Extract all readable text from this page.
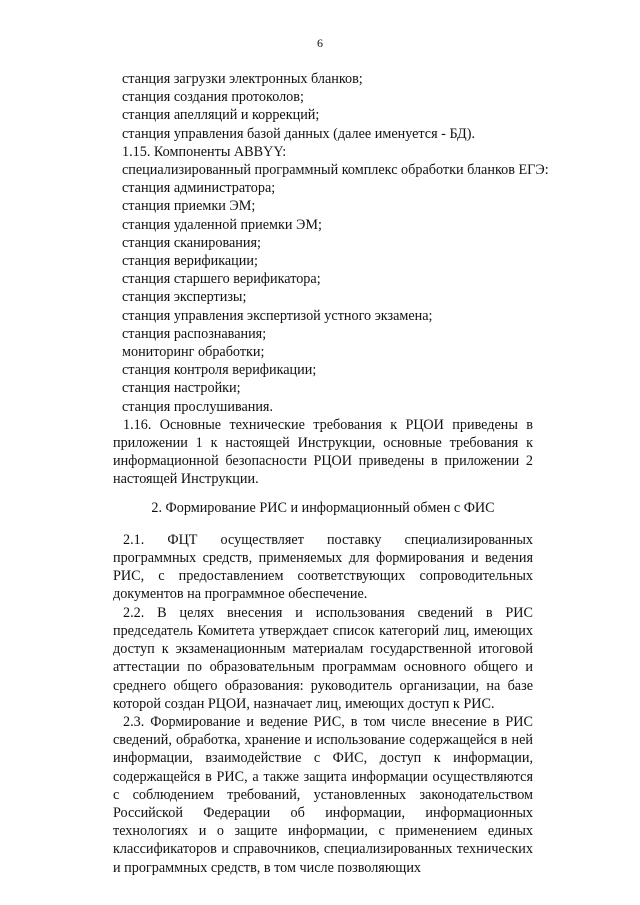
6
станция загрузки электронных бланков;
станция создания протоколов;
станция апелляций и коррекций;
станция управления базой данных (далее именуется - БД).
1.15. Компоненты ABBYY:
специализированный программный комплекс обработки бланков ЕГЭ:
станция администратора;
станция приемки ЭМ;
станция удаленной приемки ЭМ;
станция сканирования;
станция верификации;
станция старшего верификатора;
станция экспертизы;
станция управления экспертизой устного экзамена;
станция распознавания;
мониторинг обработки;
станция контроля верификации;
станция настройки;
станция прослушивания.

1.16. Основные технические требования к РЦОИ приведены в приложении 1 к настоящей Инструкции, основные требования к информационной безопасности РЦОИ приведены в приложении 2 настоящей Инструкции.

2. Формирование РИС и информационный обмен с ФИС

2.1. ФЦТ осуществляет поставку специализированных программных средств, применяемых для формирования и ведения РИС, с предоставлением соответствующих сопроводительных документов на программное обеспечение.

2.2. В целях внесения и использования сведений в РИС председатель Комитета утверждает список категорий лиц, имеющих доступ к экзаменационным материалам государственной итоговой аттестации по образовательным программам основного общего и среднего общего образования: руководитель организации, на базе которой создан РЦОИ, назначает лиц, имеющих доступ к РИС.

2.3. Формирование и ведение РИС, в том числе внесение в РИС сведений, обработка, хранение и использование содержащейся в ней информации, взаимодействие с ФИС, доступ к информации, содержащейся в РИС, а также защита информации осуществляются с соблюдением требований, установленных законодательством Российской Федерации об информации, информационных технологиях и о защите информации, с применением единых классификаторов и справочников, специализированных технических и программных средств, в том числе позволяющих
